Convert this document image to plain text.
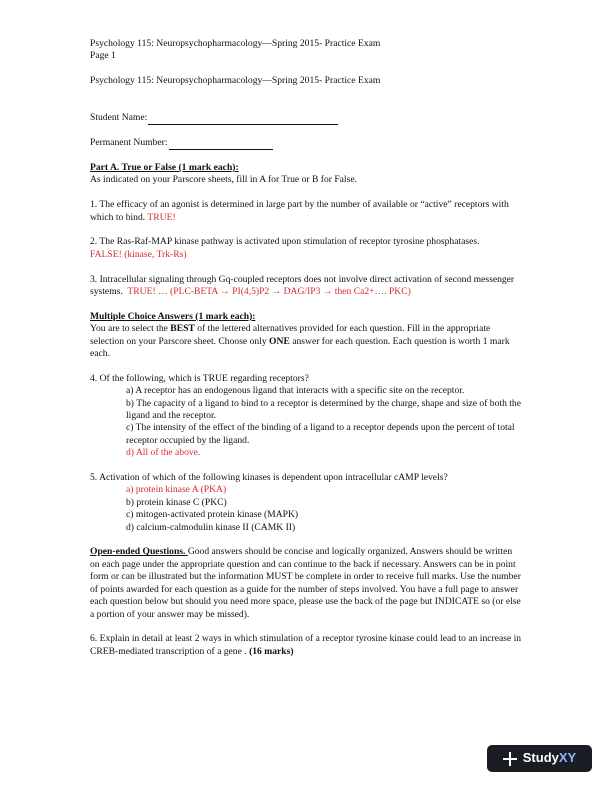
Psychology 115: Neuropsychopharmacology—Spring 2015- Practice Exam

Page 1

Psychology 115: Neuropsychopharmacology—Spring 2015- Practice Exam

Student Name:
Permanent Number:

Part A. True or False (1 mark each):

As indicated on your Parscore sheets, fill in A for True or B for False.

1. The efficacy of an agonist is determined in large part by the number of available or “active” receptors with which to bind. TRUE!

2. The Ras-Raf-MAP kinase pathway is activated upon stimulation of receptor tyrosine phosphatases.

FALSE! (kinase, Trk-Rs)

3. Intracellular signaling through Gq-coupled receptors does not involve direct activation of second messenger systems. TRUE! … (PLC-BETA → PI(4,5)P2 → DAG/IP3 → then Ca2+…. PKC)

Multiple Choice Answers (1 mark each):

You are to select the BEST of the lettered alternatives provided for each question. Fill in the appropriate selection on your Parscore sheet. Choose only ONE answer for each question. Each question is worth 1 mark each.

4. Of the following, which is TRUE regarding receptors?

a) A receptor has an endogenous ligand that interacts with a specific site on the receptor.

b) The capacity of a ligand to bind to a receptor is determined by the charge, shape and size of both the ligand and the receptor.

c) The intensity of the effect of the binding of a ligand to a receptor depends upon the percent of total receptor occupied by the ligand.

d) All of the above.

5. Activation of which of the following kinases is dependent upon intracellular cAMP levels?

a) protein kinase A (PKA)

b) protein kinase C (PKC)

c) mitogen-activated protein kinase (MAPK)

d) calcium-calmodulin kinase II (CAMK II)

Open-ended Questions. Good answers should be concise and logically organized. Answers should be written on each page under the appropriate question and can continue to the back if necessary. Answers can be in point form or can be illustrated but the information MUST be complete in order to receive full marks. Use the number of points awarded for each question as a guide for the number of steps involved. You have a full page to answer each question below but should you need more space, please use the back of the page but INDICATE so (or else a portion of your answer may be missed).

6. Explain in detail at least 2 ways in which stimulation of a receptor tyrosine kinase could lead to an increase in CREB-mediated transcription of a gene . (16 marks)

StudyXY
